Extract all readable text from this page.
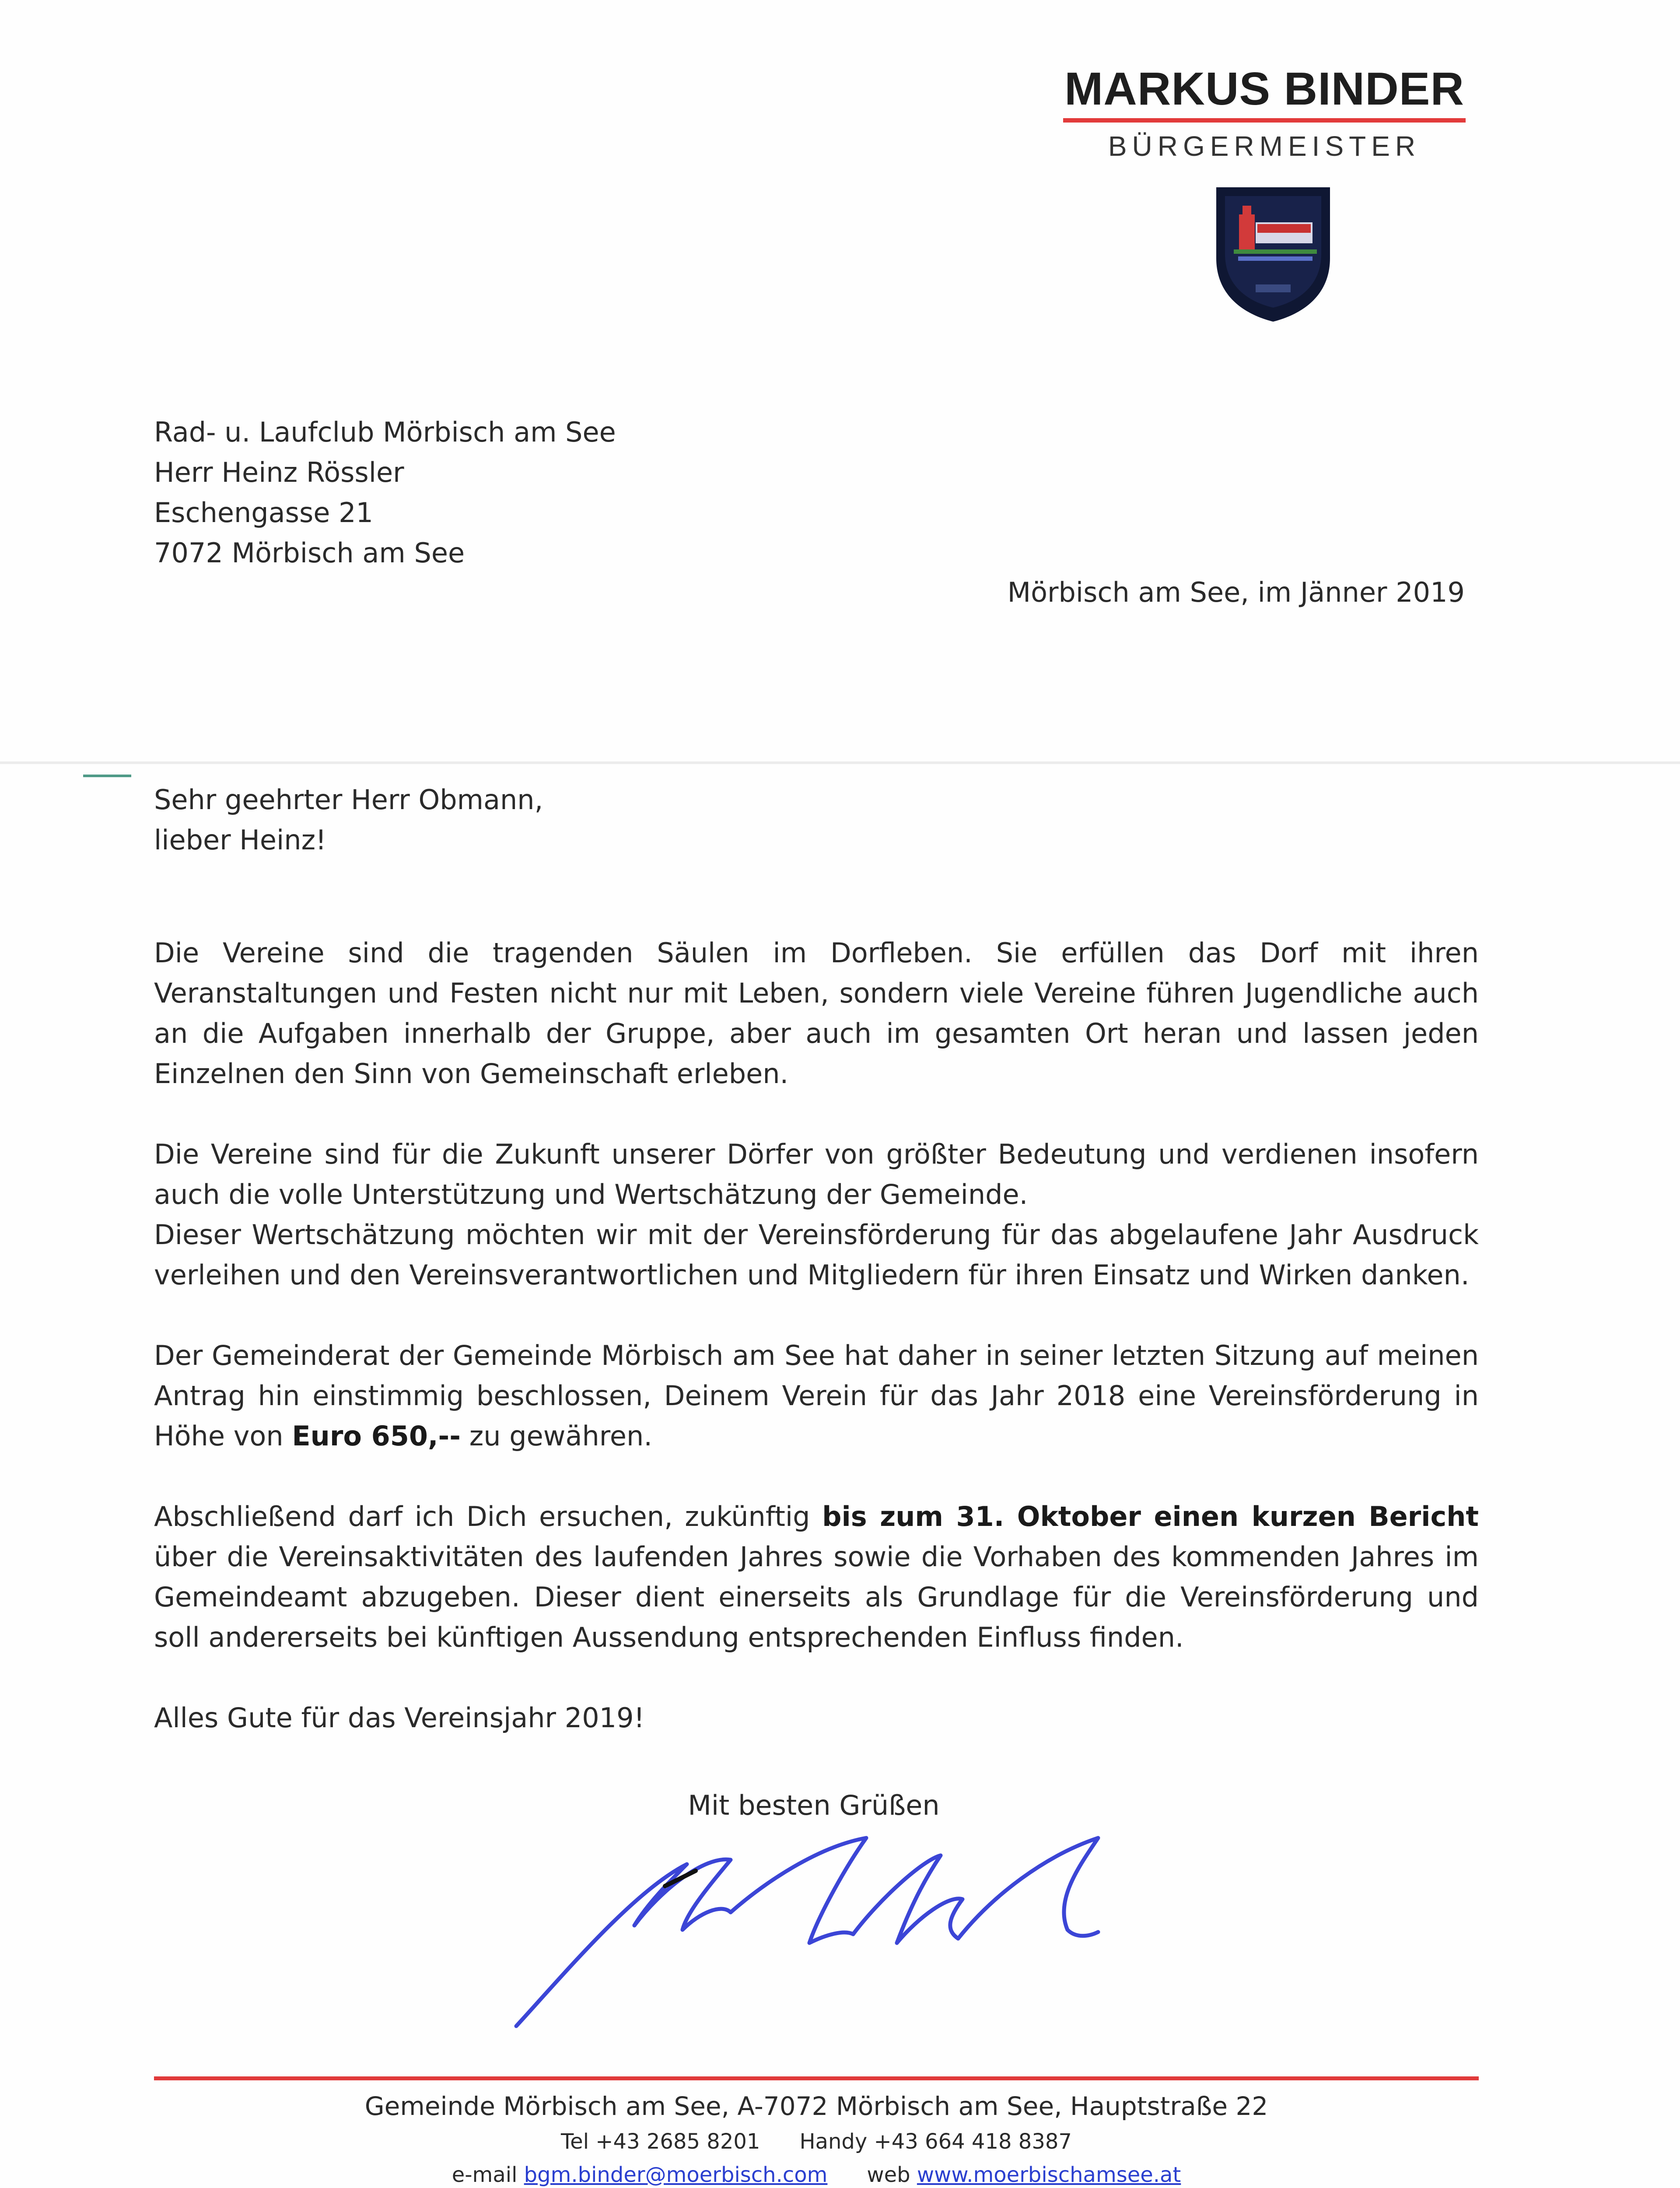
MARKUS BINDER
BÜRGERMEISTER
Rad- u. Laufclub Mörbisch am See
Herr Heinz Rössler
Eschengasse 21
7072 Mörbisch am See
Mörbisch am See, im Jänner 2019
Sehr geehrter Herr Obmann,
lieber Heinz!

Die Vereine sind die tragenden Säulen im Dorfleben. Sie erfüllen das Dorf mit ihren Veranstaltungen und Festen nicht nur mit Leben, sondern viele Vereine führen Jugendliche auch an die Aufgaben innerhalb der Gruppe, aber auch im gesamten Ort heran und lassen jeden Einzelnen den Sinn von Gemeinschaft erleben.

Die Vereine sind für die Zukunft unserer Dörfer von größter Bedeutung und verdienen insofern auch die volle Unterstützung und Wertschätzung der Gemeinde.
Dieser Wertschätzung möchten wir mit der Vereinsförderung für das abgelaufene Jahr Ausdruck verleihen und den Vereinsverantwortlichen und Mitgliedern für ihren Einsatz und Wirken danken.

Der Gemeinderat der Gemeinde Mörbisch am See hat daher in seiner letzten Sitzung auf meinen Antrag hin einstimmig beschlossen, Deinem Verein für das Jahr 2018 eine Vereinsförderung in Höhe von Euro 650,-- zu gewähren.

Abschließend darf ich Dich ersuchen, zukünftig bis zum 31. Oktober einen kurzen Bericht über die Vereinsaktivitäten des laufenden Jahres sowie die Vorhaben des kommenden Jahres im Gemeindeamt abzugeben. Dieser dient einerseits als Grundlage für die Vereinsförderung und soll andererseits bei künftigen Aussendung entsprechenden Einfluss finden.

Alles Gute für das Vereinsjahr 2019!

Mit besten Grüßen
Gemeinde Mörbisch am See, A-7072 Mörbisch am See, Hauptstraße 22
Tel +43 2685 8201 Handy +43 664 418 8387
e-mail bgm.binder@moerbisch.com web www.moerbischamsee.at
